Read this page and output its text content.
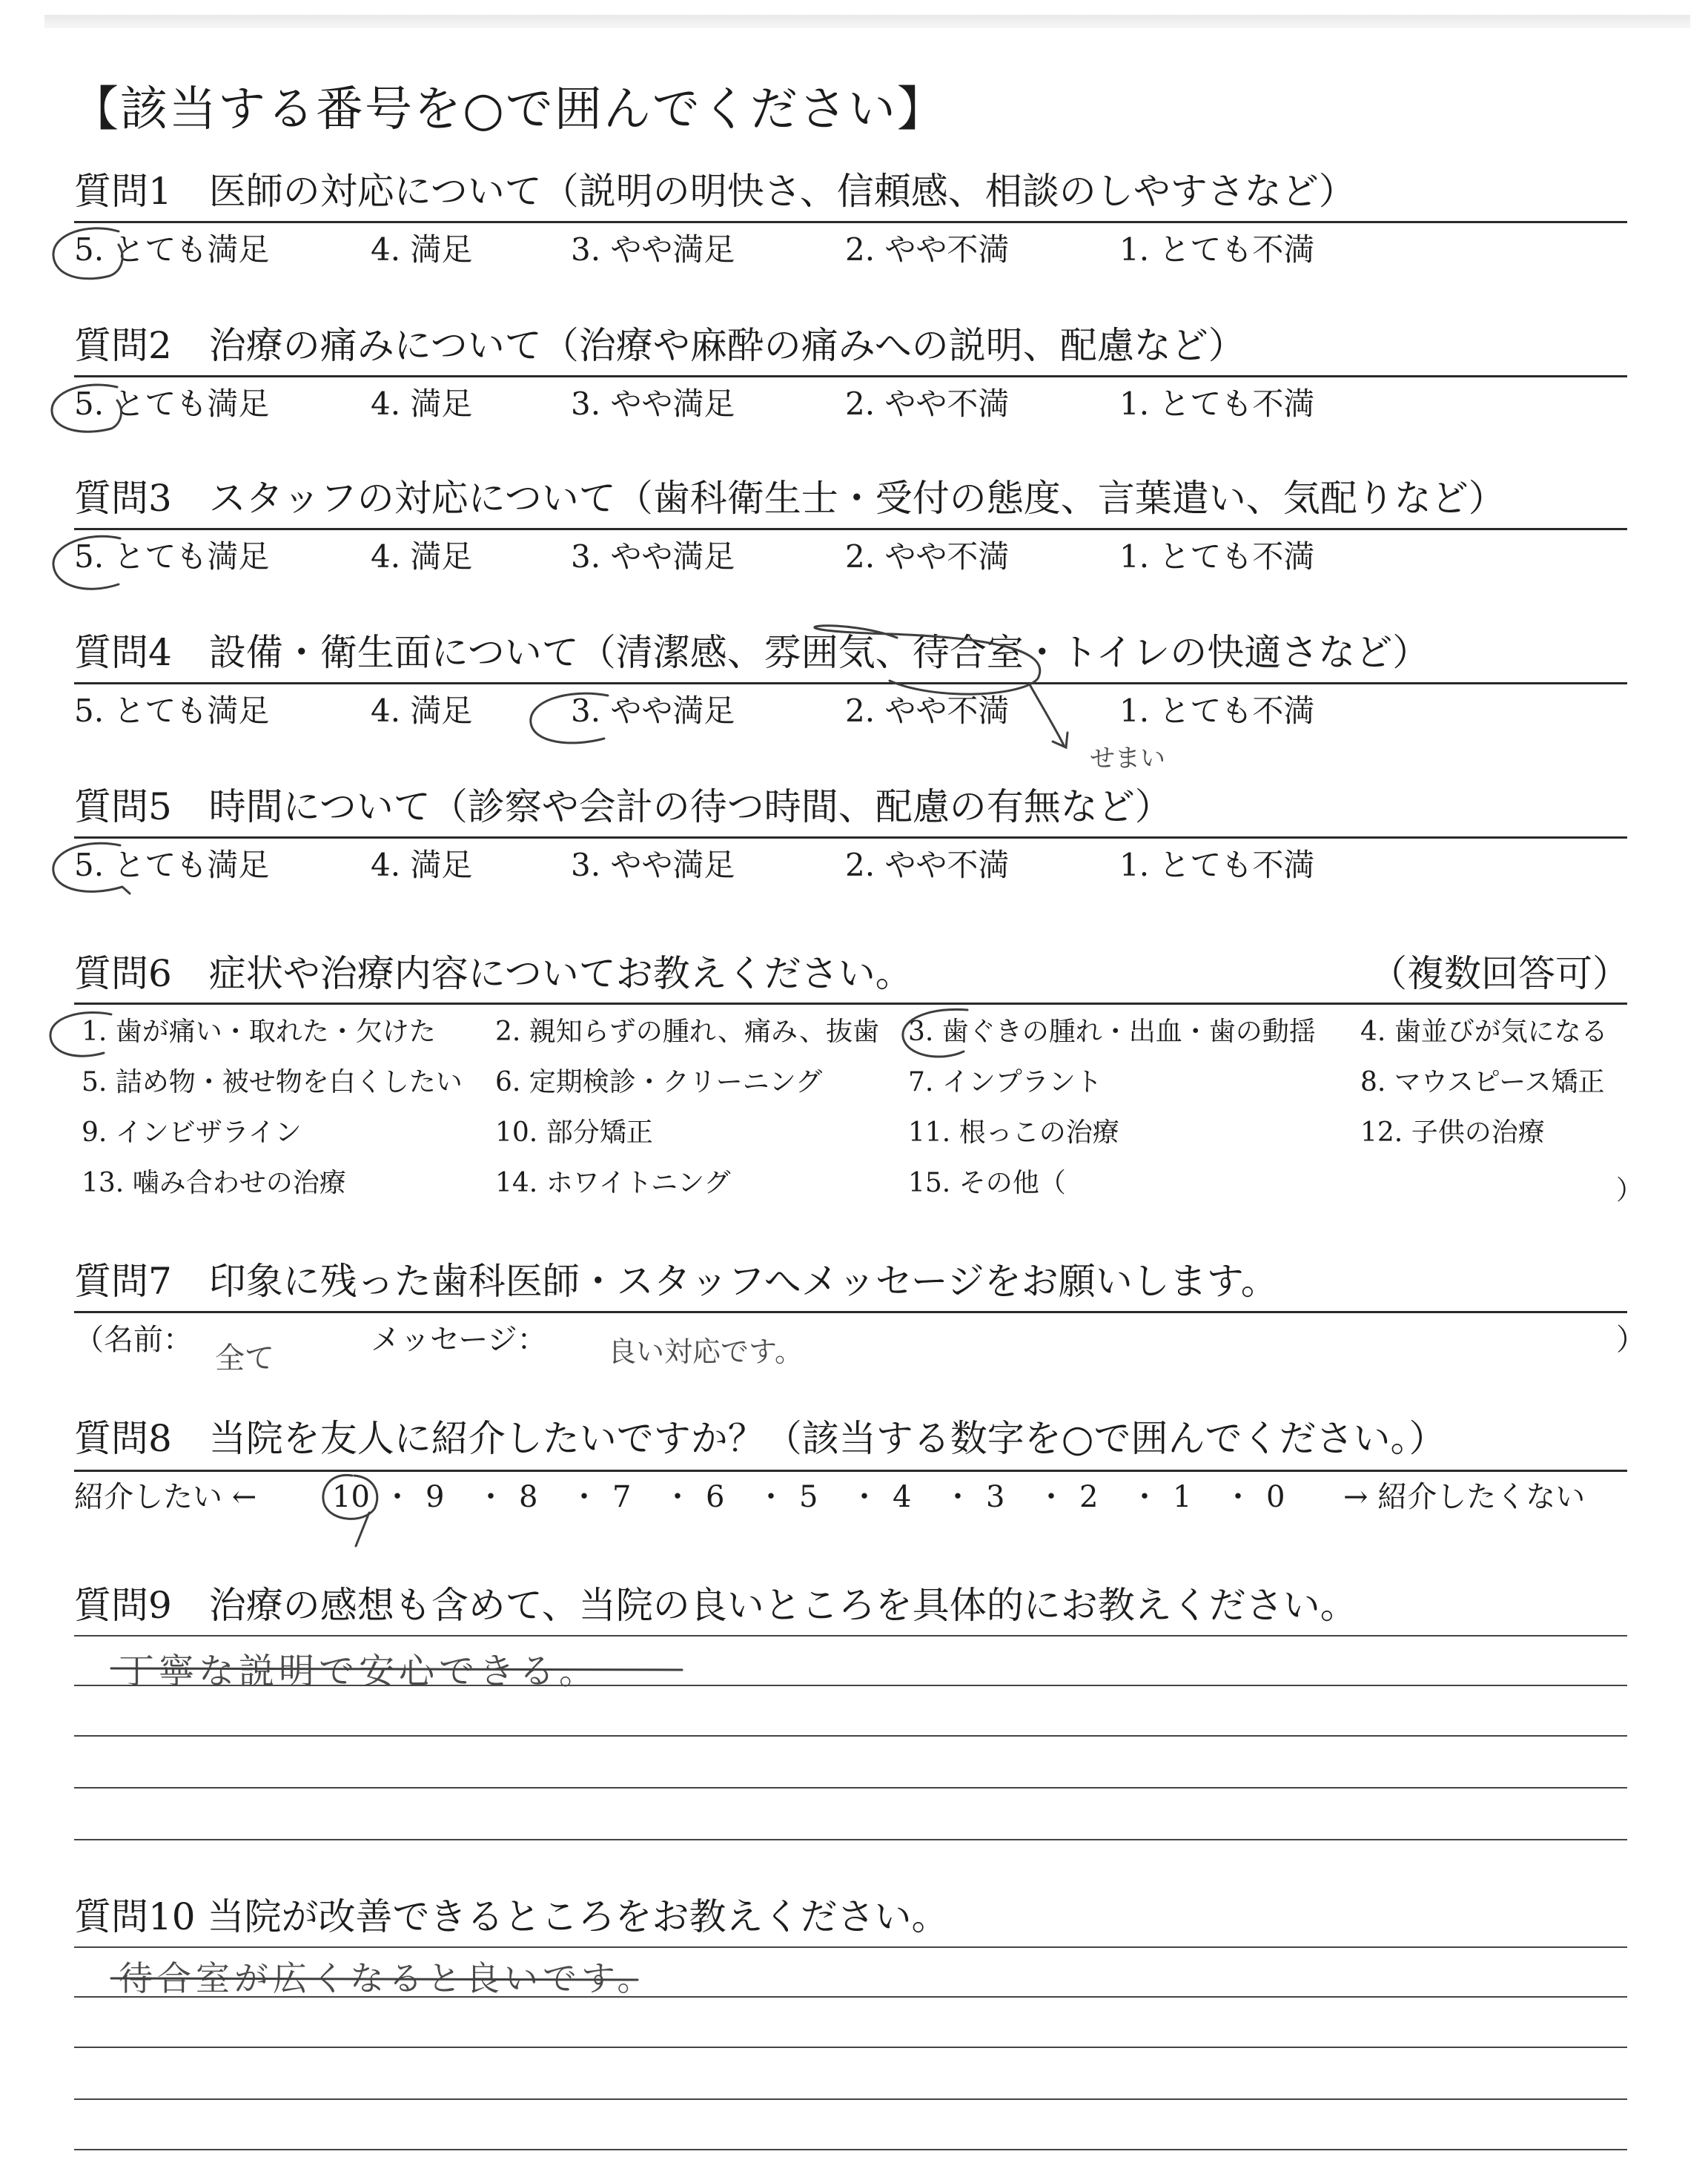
【該当する番号を○で囲んでください】
質問1　医師の対応について（説明の明快さ、信頼感、相談のしやすさなど）
5. とても満足	4. 満足	3. やや満足	2. やや不満	1. とても不満
質問2　治療の痛みについて（治療や麻酔の痛みへの説明、配慮など）
5. とても満足	4. 満足	3. やや満足	2. やや不満	1. とても不満
質問3　スタッフの対応について（歯科衛生士・受付の態度、言葉遣い、気配りなど）
5. とても満足	4. 満足	3. やや満足	2. やや不満	1. とても不満
質問4　設備・衛生面について（清潔感、雰囲気、待合室・トイレの快適さなど）
5. とても満足	4. 満足	3. やや満足	2. やや不満	1. とても不満
質問5　時間について（診察や会計の待つ時間、配慮の有無など）
5. とても満足	4. 満足	3. やや満足	2. やや不満	1. とても不満
質問6　症状や治療内容についてお教えください。	（複数回答可）
1. 歯が痛い・取れた・欠けた 2. 親知らずの腫れ、痛み、抜歯 3. 歯ぐきの腫れ・出血・歯の動揺 4. 歯並びが気になる
5. 詰め物・被せ物を白くしたい 6. 定期検診・クリーニング	7. インプラント	8. マウスピース矯正
9. インビザライン	10. 部分矯正	11. 根っこの治療	12. 子供の治療
13. 噛み合わせの治療	14. ホワイトニング	15. その他（	）
質問7　印象に残った歯科医師・スタッフへメッセージをお願いします。
（名前：
全て
メッセージ： 良い対応です。	）
質問8　当院を友人に紹介したいですか？（該当する数字を○で囲んでください。）
紹介したい ←	10 ・ 9 ・ 8 ・ 7 ・ 6 ・ 5 ・ 4 ・ 3 ・ 2 ・ 1 ・ 0 → 紹介したくない
質問9　治療の感想も含めて、当院の良いところを具体的にお教えください。
丁寧な説明で安心できる。
質問10 当院が改善できるところをお教えください。
待合室が広くなると良いです。
せまい
